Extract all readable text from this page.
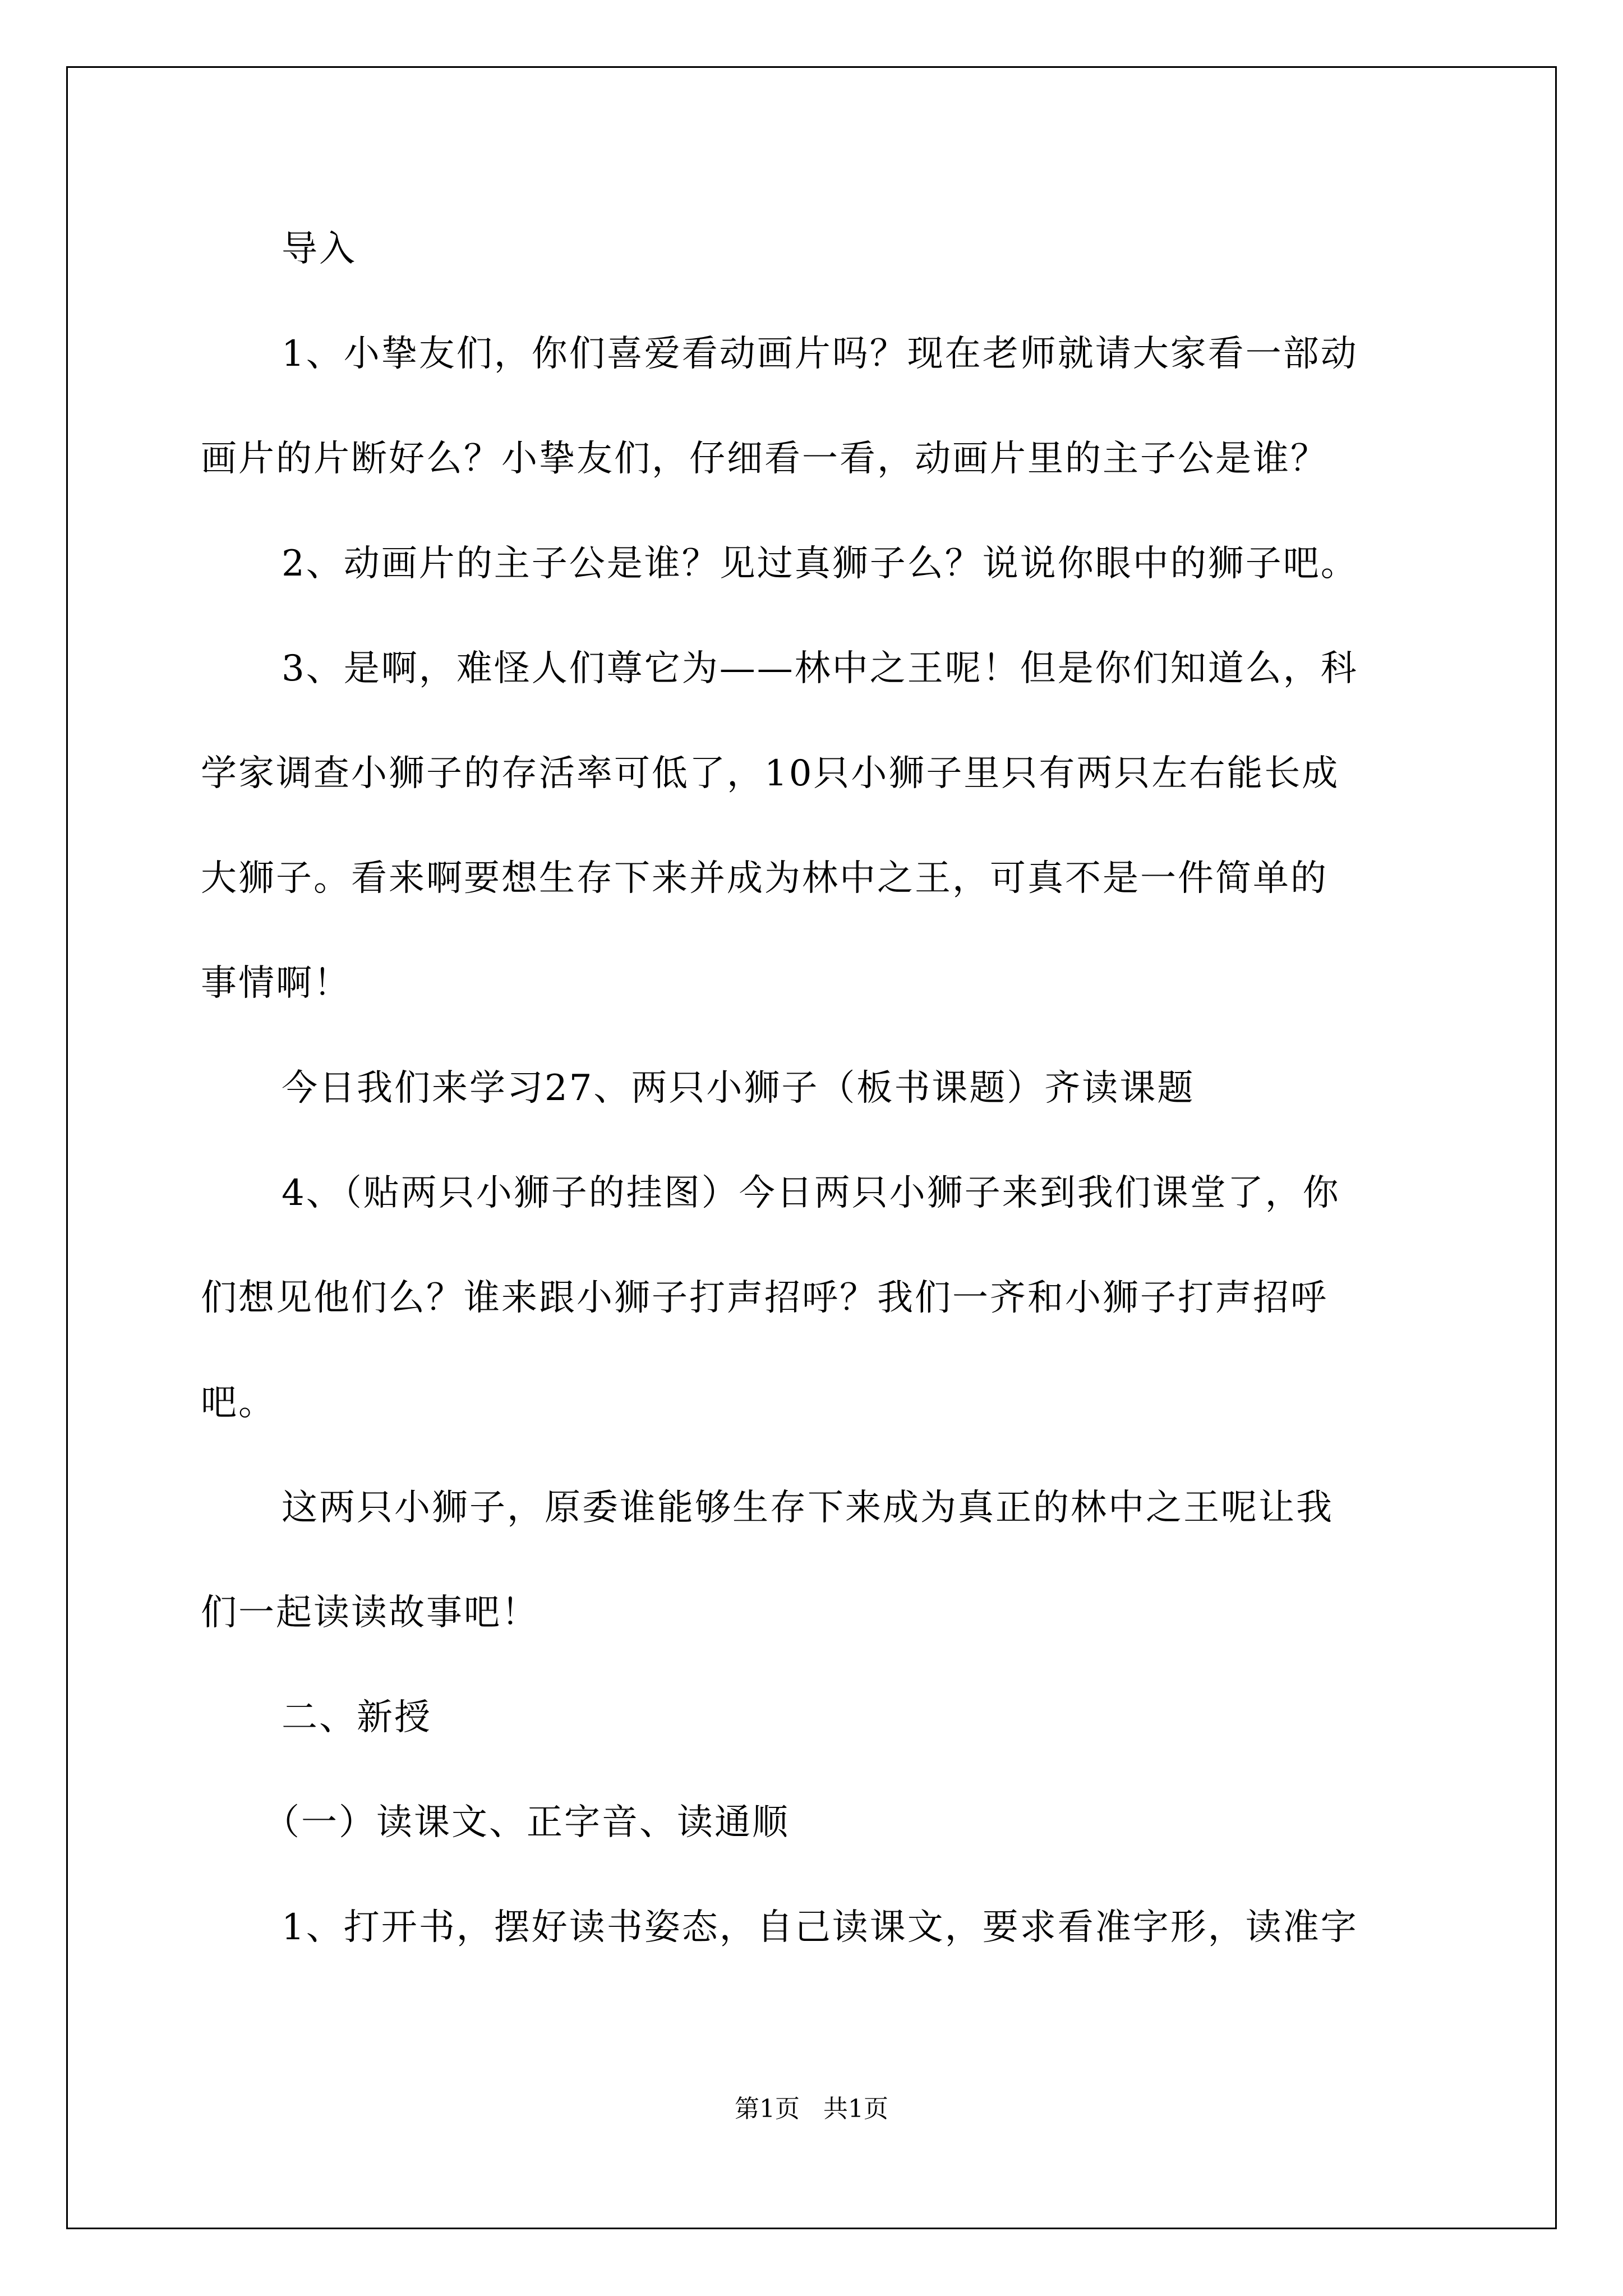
导入
1、小挚友们，你们喜爱看动画片吗？现在老师就请大家看一部动
画片的片断好么？小挚友们，仔细看一看，动画片里的主子公是谁？
2、动画片的主子公是谁？见过真狮子么？说说你眼中的狮子吧。
3、是啊，难怪人们尊它为——林中之王呢！但是你们知道么，科
学家调查小狮子的存活率可低了，10只小狮子里只有两只左右能长成
大狮子。看来啊要想生存下来并成为林中之王，可真不是一件简单的
事情啊！
今日我们来学习27、两只小狮子（板书课题）齐读课题
4、（贴两只小狮子的挂图）今日两只小狮子来到我们课堂了，你
们想见他们么？谁来跟小狮子打声招呼？我们一齐和小狮子打声招呼
吧。
这两只小狮子，原委谁能够生存下来成为真正的林中之王呢让我
们一起读读故事吧！
二、新授
（一）读课文、正字音、读通顺
1、打开书，摆好读书姿态，自己读课文，要求看准字形，读准字
第1页   共1页
